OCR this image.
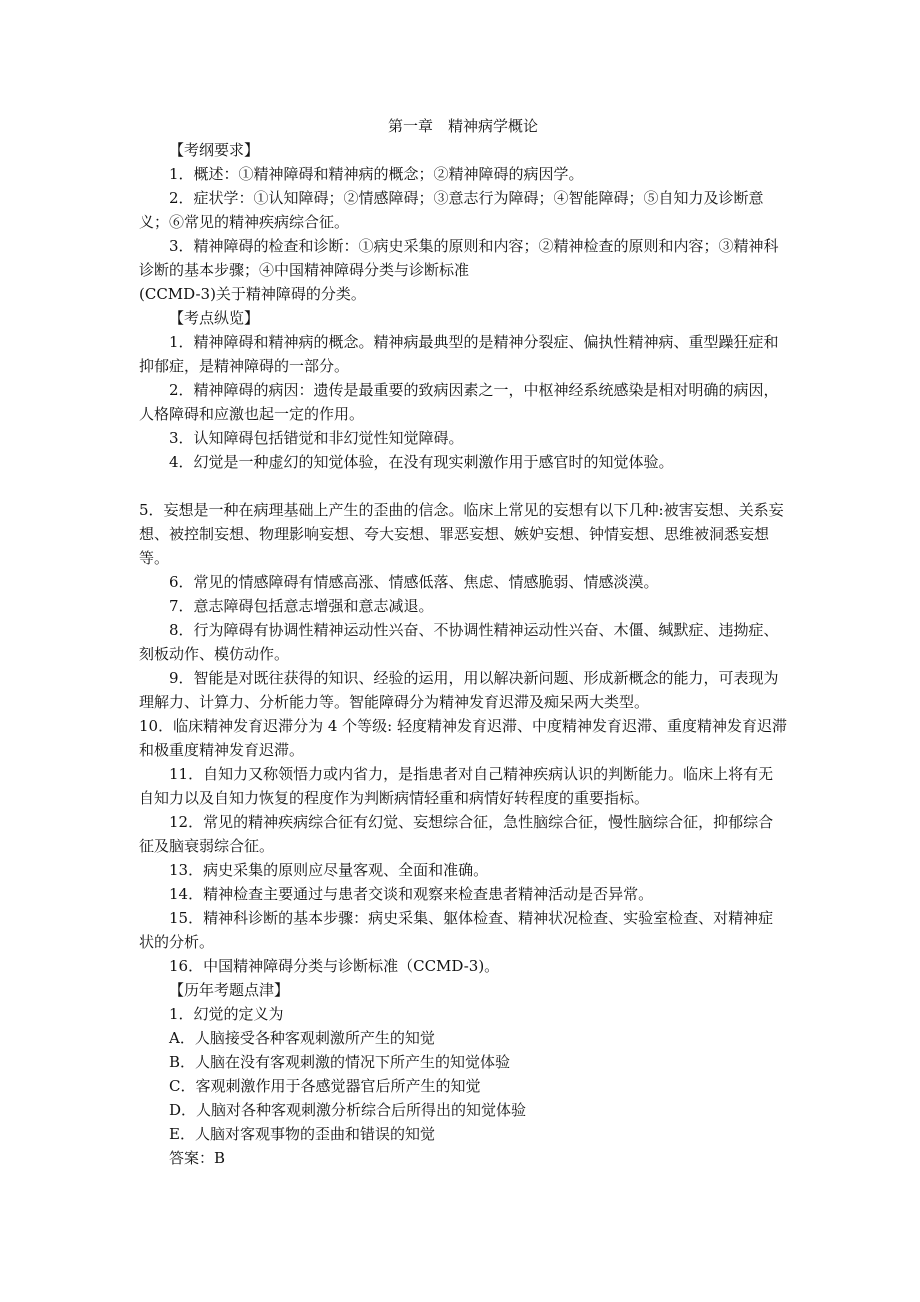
第一章　精神病学概论

【考纲要求】

1．概述：①精神障碍和精神病的概念；②精神障碍的病因学。

2．症状学：①认知障碍；②情感障碍；③意志行为障碍；④智能障碍；⑤自知力及诊断意义；⑥常见的精神疾病综合征。

3．精神障碍的检查和诊断：①病史采集的原则和内容；②精神检查的原则和内容；③精神科诊断的基本步骤；④中国精神障碍分类与诊断标准

(CCMD-3)关于精神障碍的分类。

【考点纵览】

1．精神障碍和精神病的概念。精神病最典型的是精神分裂症、偏执性精神病、重型躁狂症和抑郁症，是精神障碍的一部分。

2．精神障碍的病因：遗传是最重要的致病因素之一，中枢神经系统感染是相对明确的病因，人格障碍和应激也起一定的作用。

3．认知障碍包括错觉和非幻觉性知觉障碍。

4．幻觉是一种虚幻的知觉体验，在没有现实刺激作用于感官时的知觉体验。

5．妄想是一种在病理基础上产生的歪曲的信念。临床上常见的妄想有以下几种:被害妄想、关系妄想、被控制妄想、物理影响妄想、夸大妄想、罪恶妄想、嫉妒妄想、钟情妄想、思维被洞悉妄想等。

6．常见的情感障碍有情感高涨、情感低落、焦虑、情感脆弱、情感淡漠。

7．意志障碍包括意志增强和意志减退。

8．行为障碍有协调性精神运动性兴奋、不协调性精神运动性兴奋、木僵、缄默症、违拗症、刻板动作、模仿动作。

9．智能是对既往获得的知识、经验的运用，用以解决新问题、形成新概念的能力，可表现为理解力、计算力、分析能力等。智能障碍分为精神发育迟滞及痴呆两大类型。

10．临床精神发育迟滞分为 4 个等级: 轻度精神发育迟滞、中度精神发育迟滞、重度精神发育迟滞和极重度精神发育迟滞。

11．自知力又称领悟力或内省力，是指患者对自己精神疾病认识的判断能力。临床上将有无自知力以及自知力恢复的程度作为判断病情轻重和病情好转程度的重要指标。

12．常见的精神疾病综合征有幻觉、妄想综合征，急性脑综合征，慢性脑综合征，抑郁综合征及脑衰弱综合征。

13．病史采集的原则应尽量客观、全面和准确。

14．精神检查主要通过与患者交谈和观察来检查患者精神活动是否异常。

15．精神科诊断的基本步骤：病史采集、躯体检查、精神状况检查、实验室检查、对精神症状的分析。

16．中国精神障碍分类与诊断标准（CCMD-3)。

【历年考题点津】

1．幻觉的定义为

A．人脑接受各种客观刺激所产生的知觉

B．人脑在没有客观刺激的情况下所产生的知觉体验

C．客观刺激作用于各感觉器官后所产生的知觉

D．人脑对各种客观刺激分析综合后所得出的知觉体验

E．人脑对客观事物的歪曲和错误的知觉

答案：B
